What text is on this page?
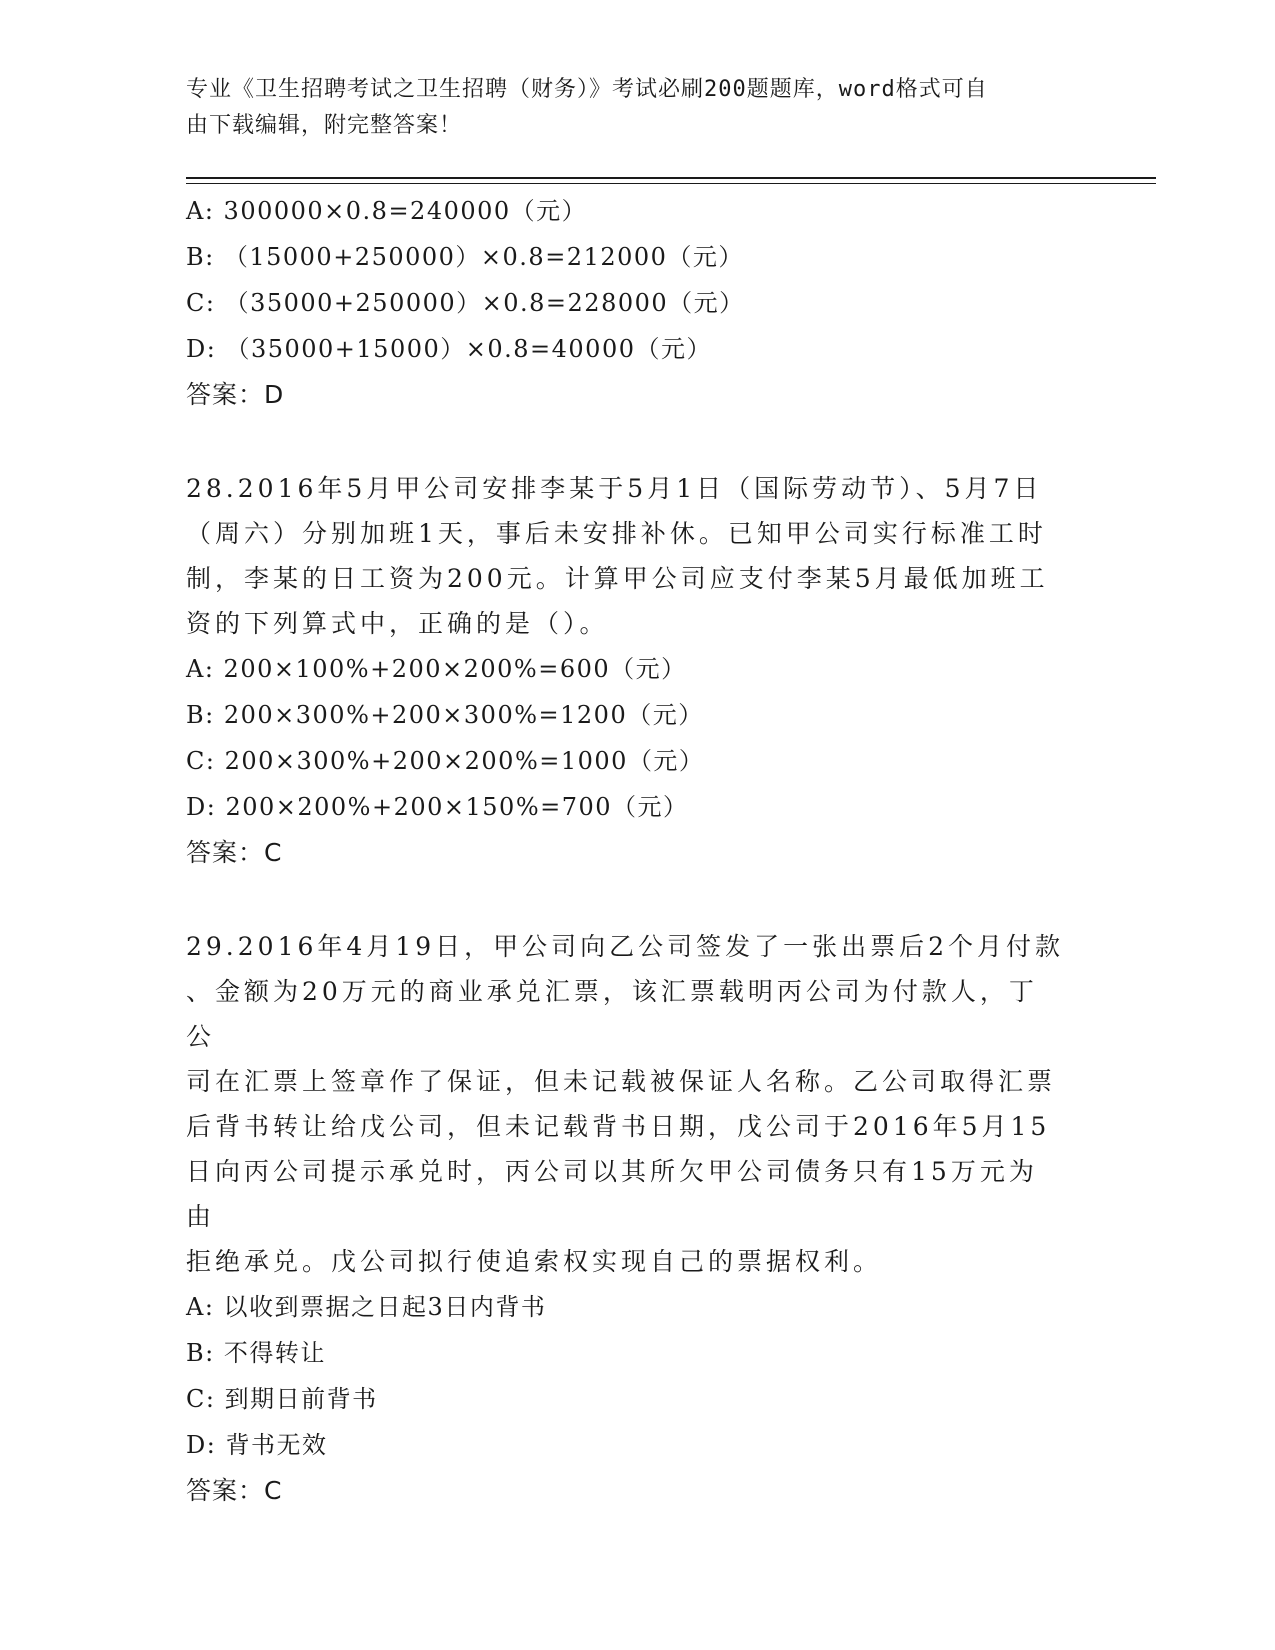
专业《卫生招聘考试之卫生招聘（财务）》考试必刷200题题库，word格式可自
由下载编辑，附完整答案！
A: 300000×0.8=240000（元）
B: （15000+250000）×0.8=212000（元）
C: （35000+250000）×0.8=228000（元）
D: （35000+15000）×0.8=40000（元）
答案：D
28.2016年5月甲公司安排李某于5月1日（国际劳动节）、5月7日
（周六）分别加班1天，事后未安排补休。已知甲公司实行标准工时
制，李某的日工资为200元。计算甲公司应支付李某5月最低加班工
资的下列算式中，正确的是（）。
A: 200×100%+200×200%=600（元）
B: 200×300%+200×300%=1200（元）
C: 200×300%+200×200%=1000（元）
D: 200×200%+200×150%=700（元）
答案：C
29.2016年4月19日，甲公司向乙公司签发了一张出票后2个月付款
、金额为20万元的商业承兑汇票，该汇票载明丙公司为付款人，丁公
司在汇票上签章作了保证，但未记载被保证人名称。乙公司取得汇票
后背书转让给戊公司，但未记载背书日期，戊公司于2016年5月15
日向丙公司提示承兑时，丙公司以其所欠甲公司债务只有15万元为由
拒绝承兑。戊公司拟行使追索权实现自己的票据权利。
A: 以收到票据之日起3日内背书
B: 不得转让
C: 到期日前背书
D: 背书无效
答案：C
